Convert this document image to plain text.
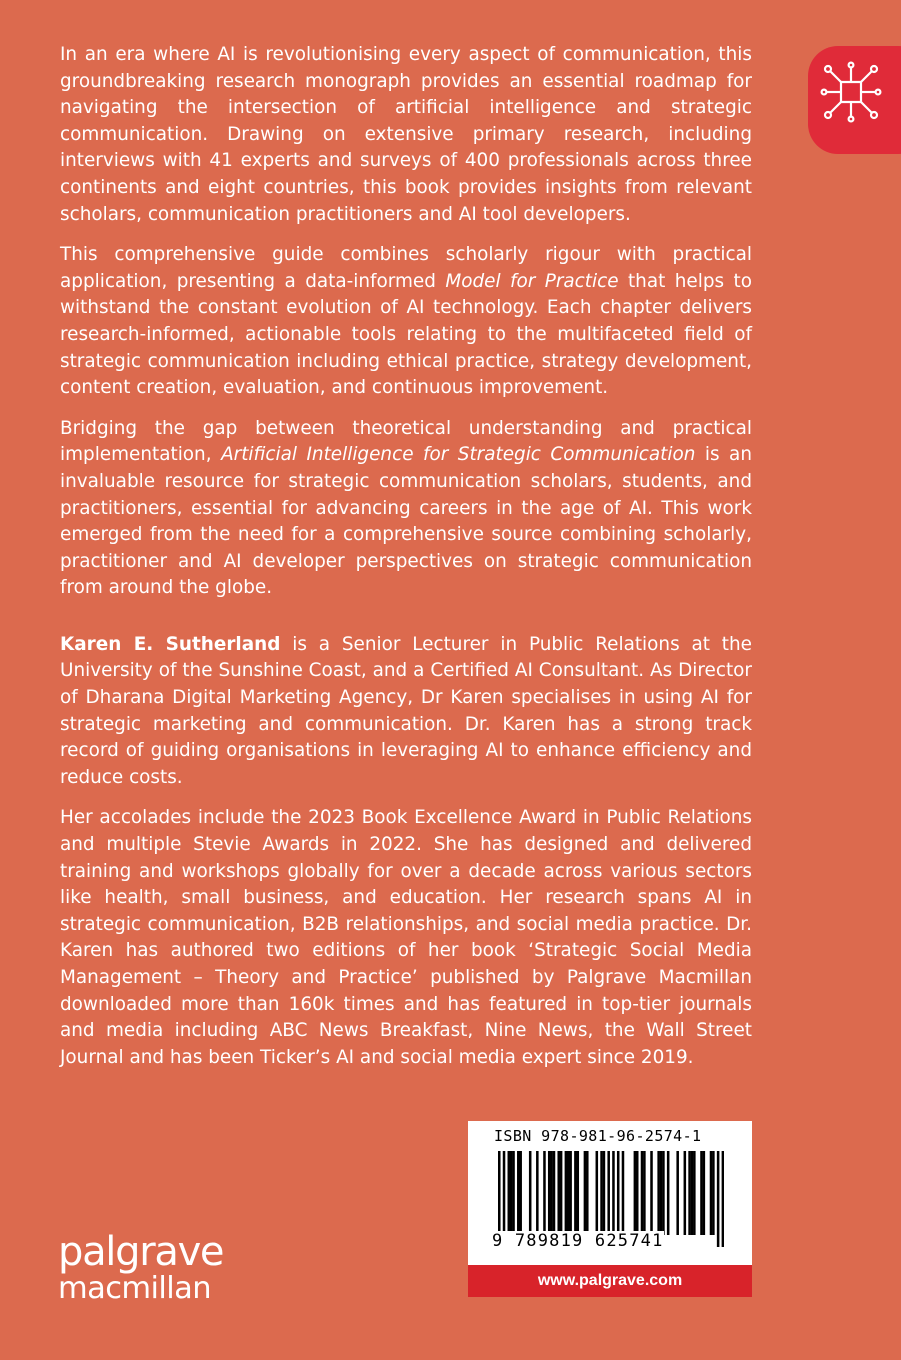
In an era where AI is revolutionising every aspect of communication, this groundbreaking research monograph provides an essential roadmap for navigating the intersection of artificial intelligence and strategic communication. Drawing on extensive primary research, including interviews with 41 experts and surveys of 400 professionals across three continents and eight countries, this book provides insights from relevant scholars, communication practitioners and AI tool developers.

This comprehensive guide combines scholarly rigour with practical application, presenting a data-informed Model for Practice that helps to withstand the constant evolution of AI technology. Each chapter delivers research-informed, actionable tools relating to the multifaceted field of strategic communication including ethical practice, strategy development, content creation, evaluation, and continuous improvement.

Bridging the gap between theoretical understanding and practical implementation, Artificial Intelligence for Strategic Communication is an invaluable resource for strategic communication scholars, students, and practitioners, essential for advancing careers in the age of AI. This work emerged from the need for a comprehensive source combining scholarly, practitioner and AI developer perspectives on strategic communication from around the globe.

Karen E. Sutherland is a Senior Lecturer in Public Relations at the University of the Sunshine Coast, and a Certified AI Consultant. As Director of Dharana Digital Marketing Agency, Dr Karen specialises in using AI for strategic marketing and communication. Dr. Karen has a strong track record of guiding organisations in leveraging AI to enhance efficiency and reduce costs.

Her accolades include the 2023 Book Excellence Award in Public Relations and multiple Stevie Awards in 2022. She has designed and delivered training and workshops globally for over a decade across various sectors like health, small business, and education. Her research spans AI in strategic communication, B2B relationships, and social media practice. Dr. Karen has authored two editions of her book ‘Strategic Social Media Management – Theory and Practice’ published by Palgrave Macmillan downloaded more than 160k times and has featured in top-tier journals and media including ABC News Breakfast, Nine News, the Wall Street Journal and has been Ticker’s AI and social media expert since 2019.

palgrave
macmillan
ISBN 978-981-96-2574-1
9 789819 625741
www.palgrave.com
